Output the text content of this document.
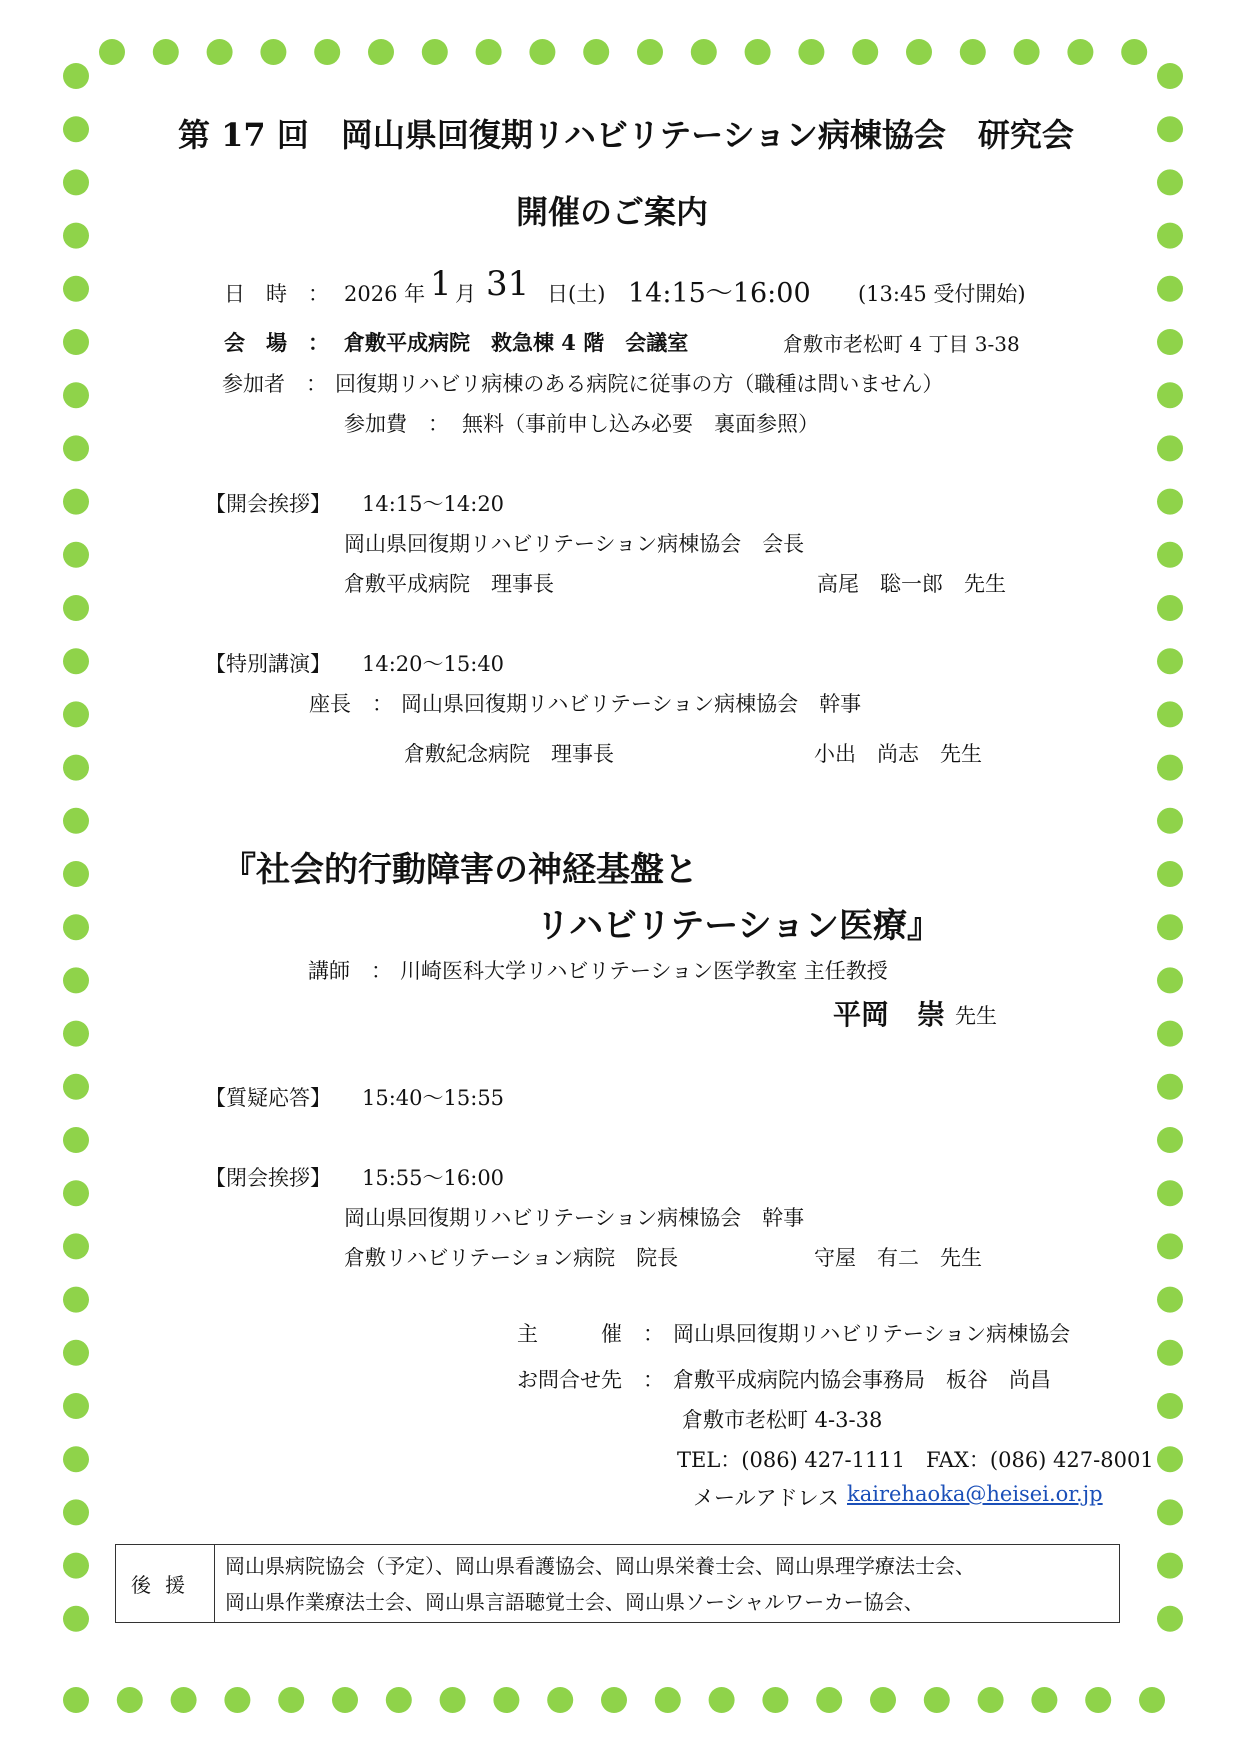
第 17 回　岡山県回復期リハビリテーション病棟協会　研究会
開催のご案内
日　時　： 2026 年 1 月 31 日(土) 14:15～16:00 (13:45 受付開始)
会　場　： 倉敷平成病院　救急棟 4 階　会議室	倉敷市老松町 4 丁目 3-38
参加者　： 回復期リハビリ病棟のある病院に従事の方（職種は問いません）
参加費　： 無料（事前申し込み必要　裏面参照）
【開会挨拶】 14:15～14:20
岡山県回復期リハビリテーション病棟協会　会長
倉敷平成病院　理事長	高尾　聡一郎　先生
【特別講演】 14:20～15:40
座長　： 岡山県回復期リハビリテーション病棟協会　幹事
倉敷紀念病院　理事長	小出　尚志　先生
『社会的行動障害の神経基盤と
リハビリテーション医療』
講師　： 川崎医科大学リハビリテーション医学教室 主任教授
平岡　崇 先生
【質疑応答】 15:40～15:55
【閉会挨拶】 15:55～16:00
岡山県回復期リハビリテーション病棟協会　幹事
倉敷リハビリテーション病院　院長	守屋　有二　先生
主　　　催　： 岡山県回復期リハビリテーション病棟協会
お問合せ先　： 倉敷平成病院内協会事務局　板谷　尚昌
倉敷市老松町 4-3-38
TEL：(086) 427-1111　FAX：(086) 427-8001
メールアドレス kairehaoka@heisei.or.jp
後援	
岡山県病院協会（予定）、岡山県看護協会、岡山県栄養士会、岡山県理学療法士会、
岡山県作業療法士会、岡山県言語聴覚士会、岡山県ソーシャルワーカー協会、
